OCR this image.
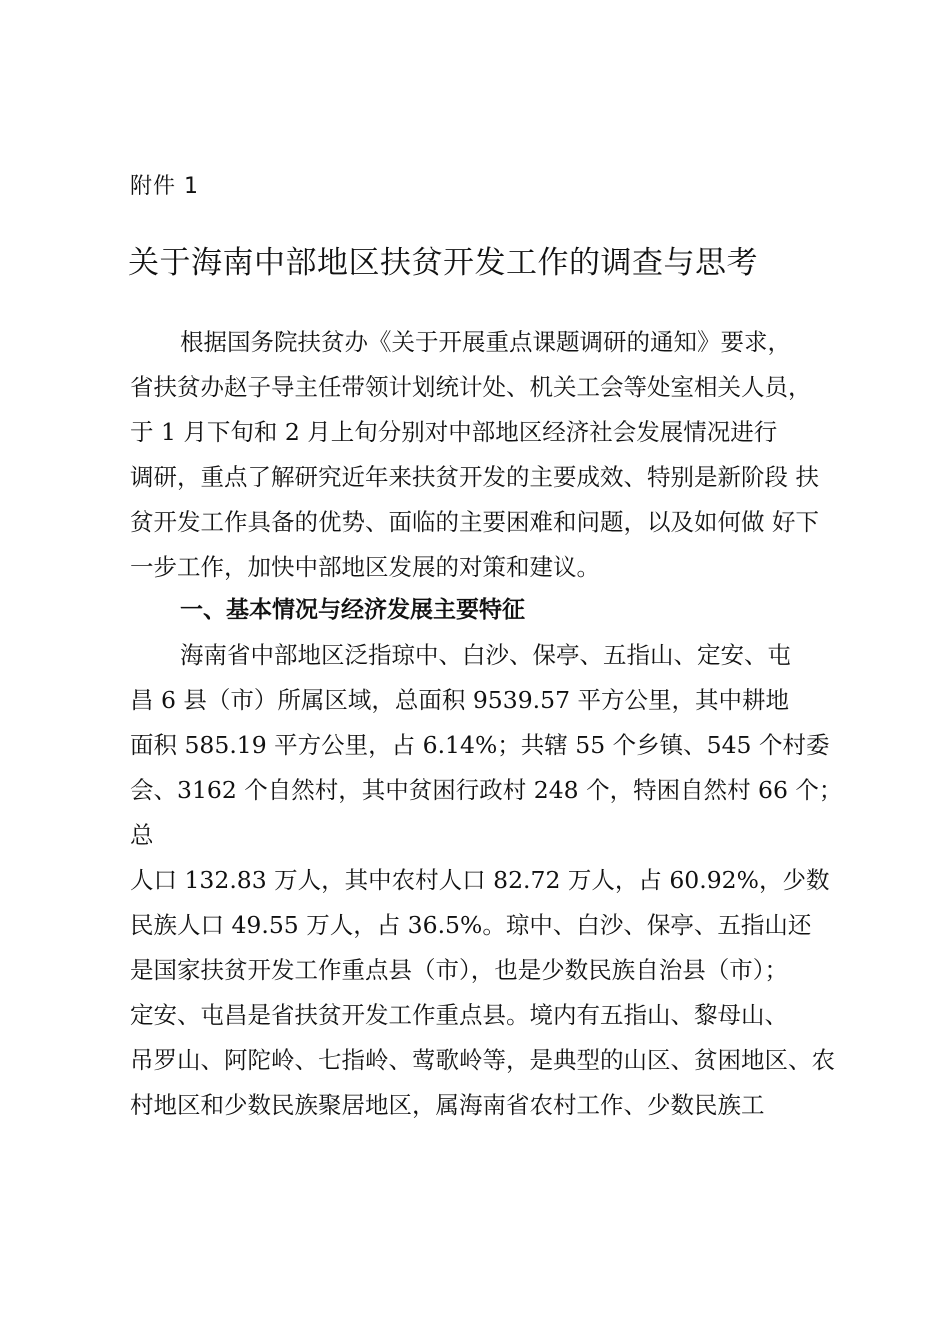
附件 1
关于海南中部地区扶贫开发工作的调查与思考
根据国务院扶贫办《关于开展重点课题调研的通知》要求，
省扶贫办赵子导主任带领计划统计处、机关工会等处室相关人员，
于 1 月下旬和 2 月上旬分别对中部地区经济社会发展情况进行
调研，重点了解研究近年来扶贫开发的主要成效、特别是新阶段 扶
贫开发工作具备的优势、面临的主要困难和问题，以及如何做 好下
一步工作，加快中部地区发展的对策和建议。
一、基本情况与经济发展主要特征
海南省中部地区泛指琼中、白沙、保亭、五指山、定安、屯
昌 6 县（市）所属区域，总面积 9539.57 平方公里，其中耕地
面积 585.19 平方公里，占 6.14%；共辖 55 个乡镇、545 个村委
会、3162 个自然村，其中贫困行政村 248 个，特困自然村 66 个；
总
人口 132.83 万人，其中农村人口 82.72 万人，占 60.92%，少数
民族人口 49.55 万人，占 36.5%。琼中、白沙、保亭、五指山还
是国家扶贫开发工作重点县（市），也是少数民族自治县（市）；
定安、屯昌是省扶贫开发工作重点县。境内有五指山、黎母山、
吊罗山、阿陀岭、七指岭、莺歌岭等，是典型的山区、贫困地区、农
村地区和少数民族聚居地区，属海南省农村工作、少数民族工
